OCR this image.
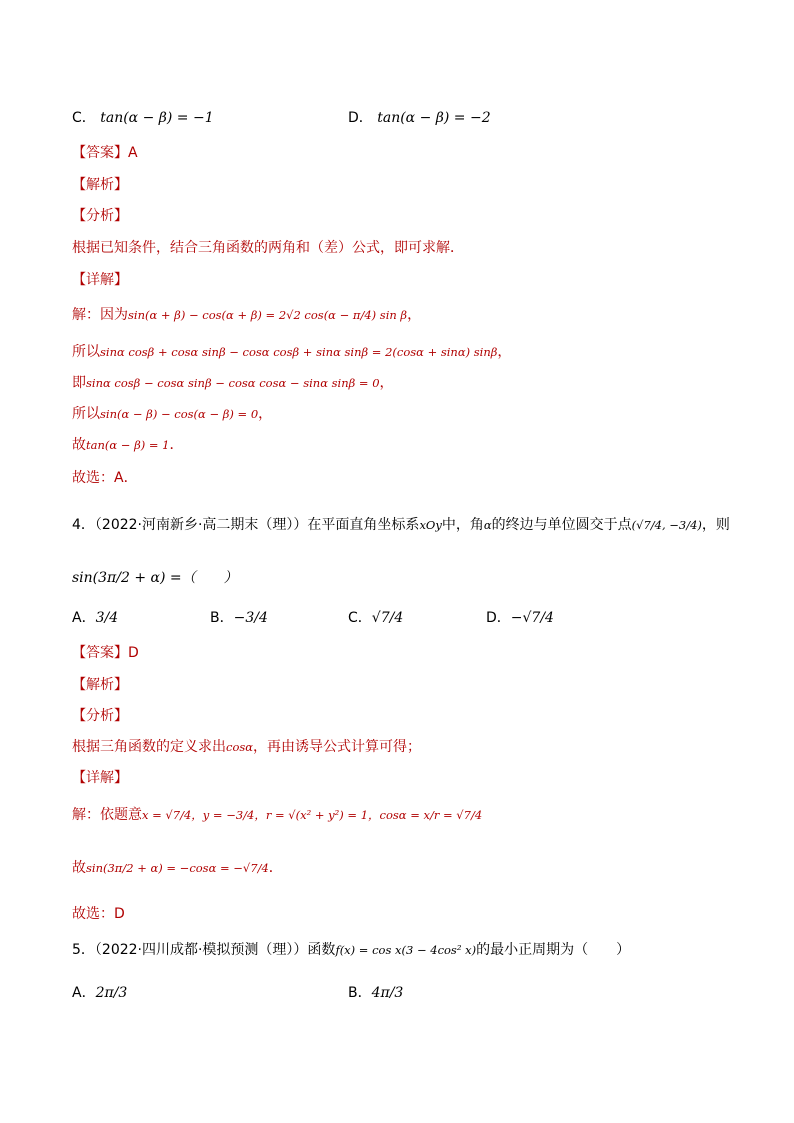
C． tan(α − β) = −1	D． tan(α − β) = −2
【答案】A
【解析】
【分析】
根据已知条件，结合三角函数的两角和（差）公式，即可求解．
【详解】
解：因为sin(α + β) − cos(α + β) = 2√2 cos(α − π/4) sin β，
所以sinα cosβ + cosα sinβ − cosα cosβ + sinα sinβ = 2(cosα + sinα) sinβ，
即sinα cosβ − cosα sinβ − cosα cosα − sinα sinβ = 0，
所以sin(α − β) − cos(α − β) = 0，
故tan(α − β) = 1．
故选：A．
4．（2022·河南新乡·高二期末（理））在平面直角坐标系xOy中，角α的终边与单位圆交于点(√7/4, −3/4)，则
sin(3π/2 + α) =（　　）
A．3/4	B．−3/4	C．√7/4	D．−√7/4
【答案】D
【解析】
【分析】
根据三角函数的定义求出cosα，再由诱导公式计算可得；
【详解】
解：依题意x = √7/4，y = −3/4，r = √(x² + y²) = 1，cosα = x/r = √7/4
故sin(3π/2 + α) = −cosα = −√7/4．
故选：D
5．（2022·四川成都·模拟预测（理））函数f(x) = cos x(3 − 4cos² x)的最小正周期为（　　）
A．2π/3	B．4π/3
